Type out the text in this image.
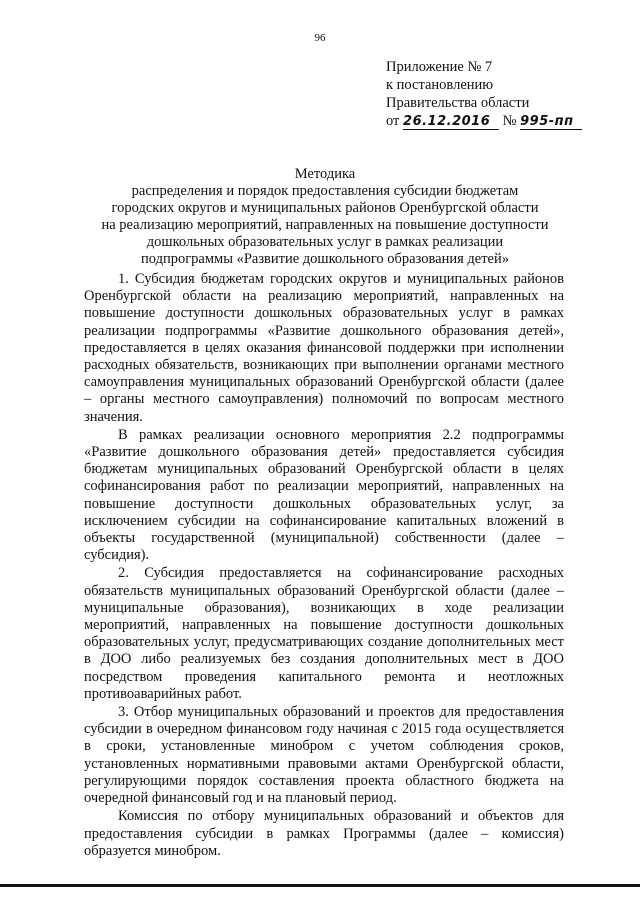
96
Приложение № 7
к постановлению
Правительства области
от 26.12.2016 № 995-пп
Методика
распределения и порядок предоставления субсидии бюджетам
городских округов и муниципальных районов Оренбургской области
на реализацию мероприятий, направленных на повышение доступности
дошкольных образовательных услуг в рамках реализации
подпрограммы «Развитие дошкольного образования детей»

1. Субсидия бюджетам городских округов и муниципальных районов Оренбургской области на реализацию мероприятий, направленных на повышение доступности дошкольных образовательных услуг в рамках реализации подпрограммы «Развитие дошкольного образования детей», предоставляется в целях оказания финансовой поддержки при исполнении расходных обязательств, возникающих при выполнении органами местного самоуправления муниципальных образований Оренбургской области (далее – органы местного самоуправления) полномочий по вопросам местного значения.

В рамках реализации основного мероприятия 2.2 подпрограммы «Развитие дошкольного образования детей» предоставляется субсидия бюджетам муниципальных образований Оренбургской области в целях софинансирования работ по реализации мероприятий, направленных на повышение доступности дошкольных образовательных услуг, за исключением субсидии на софинансирование капитальных вложений в объекты государственной (муниципальной) собственности (далее – субсидия).

2. Субсидия предоставляется на софинансирование расходных обязательств муниципальных образований Оренбургской области (далее – муниципальные образования), возникающих в ходе реализации мероприятий, направленных на повышение доступности дошкольных образовательных услуг, предусматривающих создание дополнительных мест в ДОО либо реализуемых без создания дополнительных мест в ДОО посредством проведения капитального ремонта и неотложных противоаварийных работ.

3. Отбор муниципальных образований и проектов для предоставления субсидии в очередном финансовом году начиная с 2015 года осуществляется в сроки, установленные минобром с учетом соблюдения сроков, установленных нормативными правовыми актами Оренбургской области, регулирующими порядок составления проекта областного бюджета на очередной финансовый год и на плановый период.

Комиссия по отбору муниципальных образований и объектов для предоставления субсидии в рамках Программы (далее – комиссия) образуется минобром.
